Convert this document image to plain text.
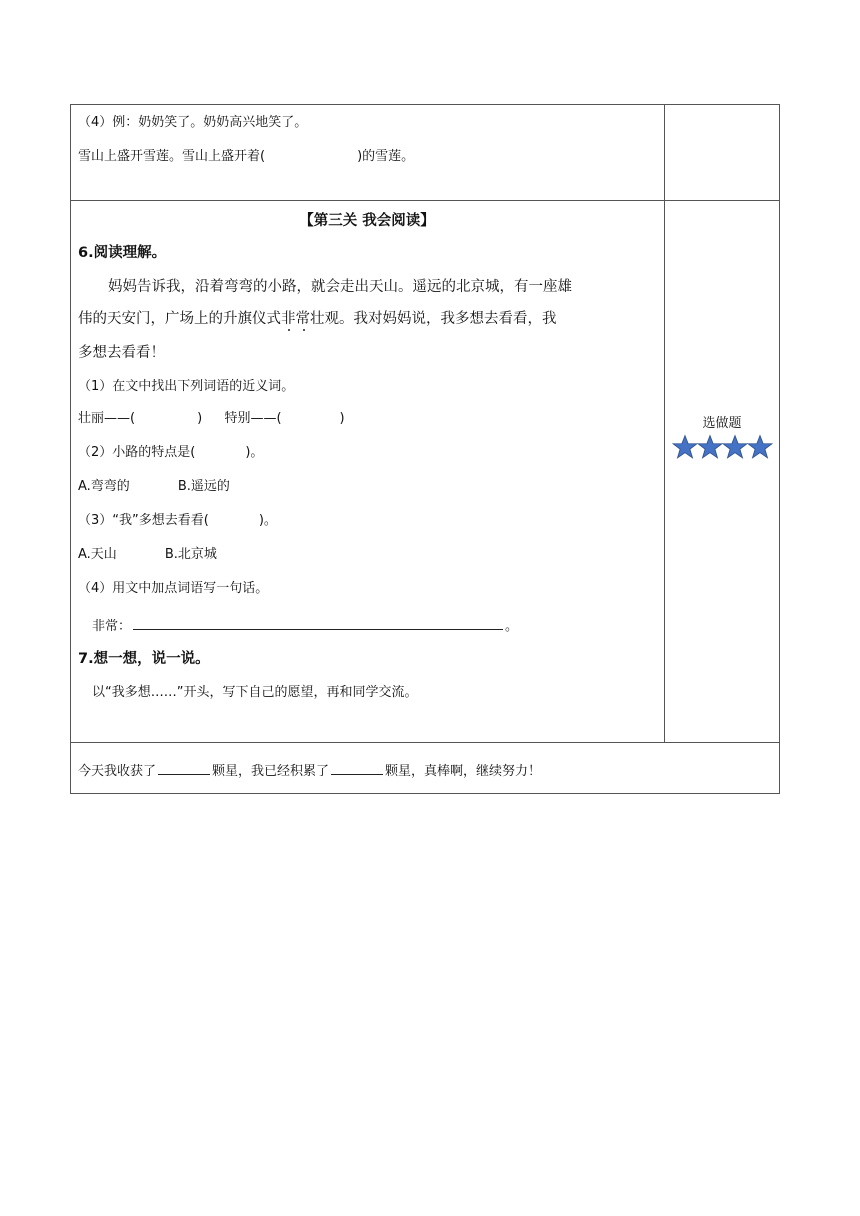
（4）例：奶奶笑了。奶奶高兴地笑了。
雪山上盛开雪莲。雪山上盛开着(	)的雪莲。
【第三关 我会阅读】
6.阅读理解。
妈妈告诉我，沿着弯弯的小路，就会走出天山。遥远的北京城，有一座雄
伟的天安门，广场上的升旗仪式非常壮观。我对妈妈说，我多想去看看，我
多想去看看！
（1）在文中找出下列词语的近义词。
壮丽——(	) 特别——(	)
（2）小路的特点是(	)。
A.弯弯的	B.遥远的
（3）“我”多想去看看(	)。
A.天山	B.北京城
（4）用文中加点词语写一句话。
非常：	。
7.想一想，说一说。
以“我多想……”开头，写下自己的愿望，再和同学交流。
选做题
今天我收获了	颗星，我已经积累了	颗星，真棒啊，继续努力！
